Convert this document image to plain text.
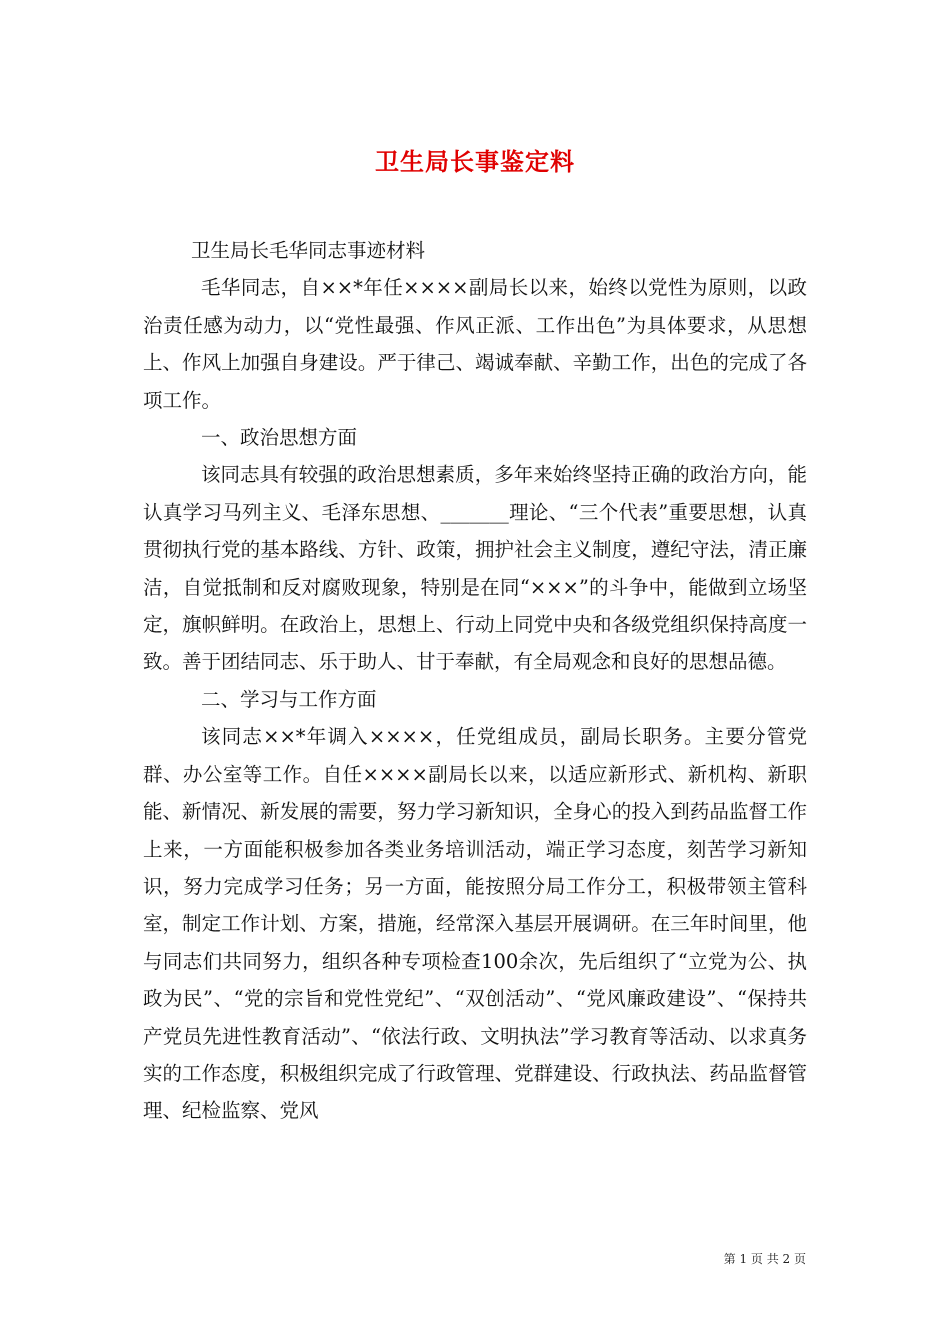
卫生局长事鉴定料

卫生局长毛华同志事迹材料

毛华同志，自××*年任××××副局长以来，始终以党性为原则，以政治责任感为动力，以“党性最强、作风正派、工作出色”为具体要求，从思想上、作风上加强自身建设。严于律己、竭诚奉献、辛勤工作，出色的完成了各项工作。

一、政治思想方面

该同志具有较强的政治思想素质，多年来始终坚持正确的政治方向，能认真学习马列主义、毛泽东思想、_______理论、“三个代表”重要思想，认真贯彻执行党的基本路线、方针、政策，拥护社会主义制度，遵纪守法，清正廉洁，自觉抵制和反对腐败现象，特别是在同“×××”的斗争中，能做到立场坚定，旗帜鲜明。在政治上，思想上、行动上同党中央和各级党组织保持高度一致。善于团结同志、乐于助人、甘于奉献，有全局观念和良好的思想品德。

二、学习与工作方面

该同志××*年调入××××，任党组成员，副局长职务。主要分管党群、办公室等工作。自任××××副局长以来，以适应新形式、新机构、新职能、新情况、新发展的需要，努力学习新知识，全身心的投入到药品监督工作上来，一方面能积极参加各类业务培训活动，端正学习态度，刻苦学习新知识，努力完成学习任务；另一方面，能按照分局工作分工，积极带领主管科室，制定工作计划、方案，措施，经常深入基层开展调研。在三年时间里，他与同志们共同努力，组织各种专项检查100余次，先后组织了“立党为公、执政为民”、“党的宗旨和党性党纪”、“双创活动”、“党风廉政建设”、“保持共产党员先进性教育活动”、“依法行政、文明执法”学习教育等活动、以求真务实的工作态度，积极组织完成了行政管理、党群建设、行政执法、药品监督管理、纪检监察、党风

第 1 页 共 2 页
